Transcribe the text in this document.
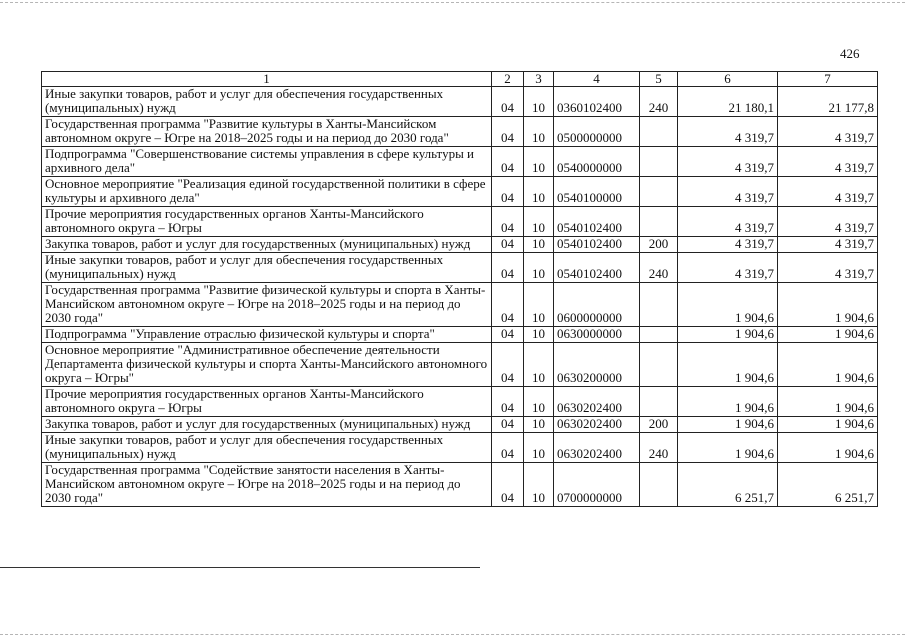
426
1	2	3	4	5	6	7
Иные закупки товаров, работ и услуг для обеспечения государственных (муниципальных) нужд	04	10	0360102400	240	21 180,1	21 177,8
Государственная программа "Развитие культуры в Ханты-Мансийском автономном округе – Югре на 2018–2025 годы и на период до 2030 года"	04	10	0500000000		4 319,7	4 319,7
Подпрограмма "Совершенствование системы управления в сфере культуры и архивного дела"	04	10	0540000000		4 319,7	4 319,7
Основное мероприятие "Реализация единой государственной политики в сфере культуры и архивного дела"	04	10	0540100000		4 319,7	4 319,7
Прочие мероприятия государственных органов Ханты-Мансийского автономного округа – Югры	04	10	0540102400		4 319,7	4 319,7
Закупка товаров, работ и услуг для государственных (муниципальных) нужд	04	10	0540102400	200	4 319,7	4 319,7
Иные закупки товаров, работ и услуг для обеспечения государственных (муниципальных) нужд	04	10	0540102400	240	4 319,7	4 319,7
Государственная программа "Развитие физической культуры и спорта в Ханты-Мансийском автономном округе – Югре на 2018–2025 годы и на период до 2030 года"	04	10	0600000000		1 904,6	1 904,6
Подпрограмма "Управление отраслью физической культуры и спорта"	04	10	0630000000		1 904,6	1 904,6
Основное мероприятие "Административное обеспечение деятельности Департамента физической культуры и спорта Ханты-Мансийского автономного округа – Югры"	04	10	0630200000		1 904,6	1 904,6
Прочие мероприятия государственных органов Ханты-Мансийского автономного округа – Югры	04	10	0630202400		1 904,6	1 904,6
Закупка товаров, работ и услуг для государственных (муниципальных) нужд	04	10	0630202400	200	1 904,6	1 904,6
Иные закупки товаров, работ и услуг для обеспечения государственных (муниципальных) нужд	04	10	0630202400	240	1 904,6	1 904,6
Государственная программа "Содействие занятости населения в Ханты-Мансийском автономном округе – Югре на 2018–2025 годы и на период до 2030 года"	04	10	0700000000		6 251,7	6 251,7
